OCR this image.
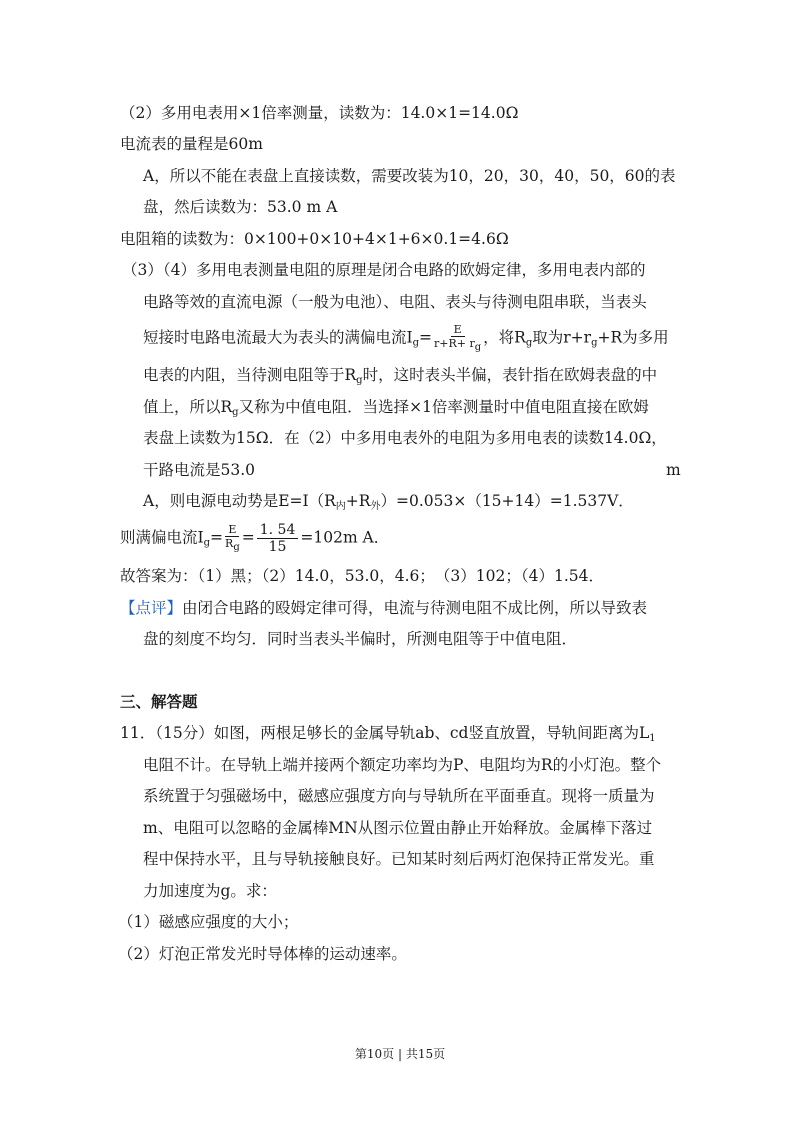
（2）多用电表用×1倍率测量，读数为：14.0×1=14.0Ω
电流表的量程是60m
A，所以不能在表盘上直接读数，需要改装为10，20，30，40，50，60的表
盘，然后读数为：53.0 m A
电阻箱的读数为：0×100+0×10+4×1+6×0.1=4.6Ω
（3）（4）多用电表测量电阻的原理是闭合电路的欧姆定律，多用电表内部的
电路等效的直流电源（一般为电池）、电阻、表头与待测电阻串联，当表头
短接时电路电流最大为表头的满偏电流$I_g= \frac{E}{r+R+ rg}$ ，将$R_g$取为$r+r_g+R$为多用
电表的内阻，当待测电阻等于$R_g$时，这时表头半偏，表针指在欧姆表盘的中
值上，所以$R_g$又称为中值电阻．当选择×1倍率测量时中值电阻直接在欧姆
表盘上读数为15Ω．在（2）中多用电表外的电阻为多用电表的读数14.0Ω，
干路电流是53.0	m
A，则电源电动势是$E=I(R_内+R_外)=0.053\times(15+14)=1.537V$．
则满偏电流$I_g= \frac{E}{Rg} = \frac{1. 54}{15} =102m$ A．
故答案为：（1）黑；（2）14.0，53.0，4.6；　（3）102；（4）1.54．
【点评】由闭合电路的殴姆定律可得，电流与待测电阻不成比例，所以导致表
盘的刻度不均匀．同时当表头半偏时，所测电阻等于中值电阻．
三、解答题
11．（15分）如图，两根足够长的金属导轨ab、cd竖直放置，导轨间距离为$L_1$
电阻不计。在导轨上端并接两个额定功率均为P、电阻均为R的小灯泡。整个
系统置于匀强磁场中，磁感应强度方向与导轨所在平面垂直。现将一质量为
m、电阻可以忽略的金属棒MN从图示位置由静止开始释放。金属棒下落过
程中保持水平，且与导轨接触良好。已知某时刻后两灯泡保持正常发光。重
力加速度为g。求：
（1）磁感应强度的大小；
（2）灯泡正常发光时导体棒的运动速率。
第10页 | 共15页
